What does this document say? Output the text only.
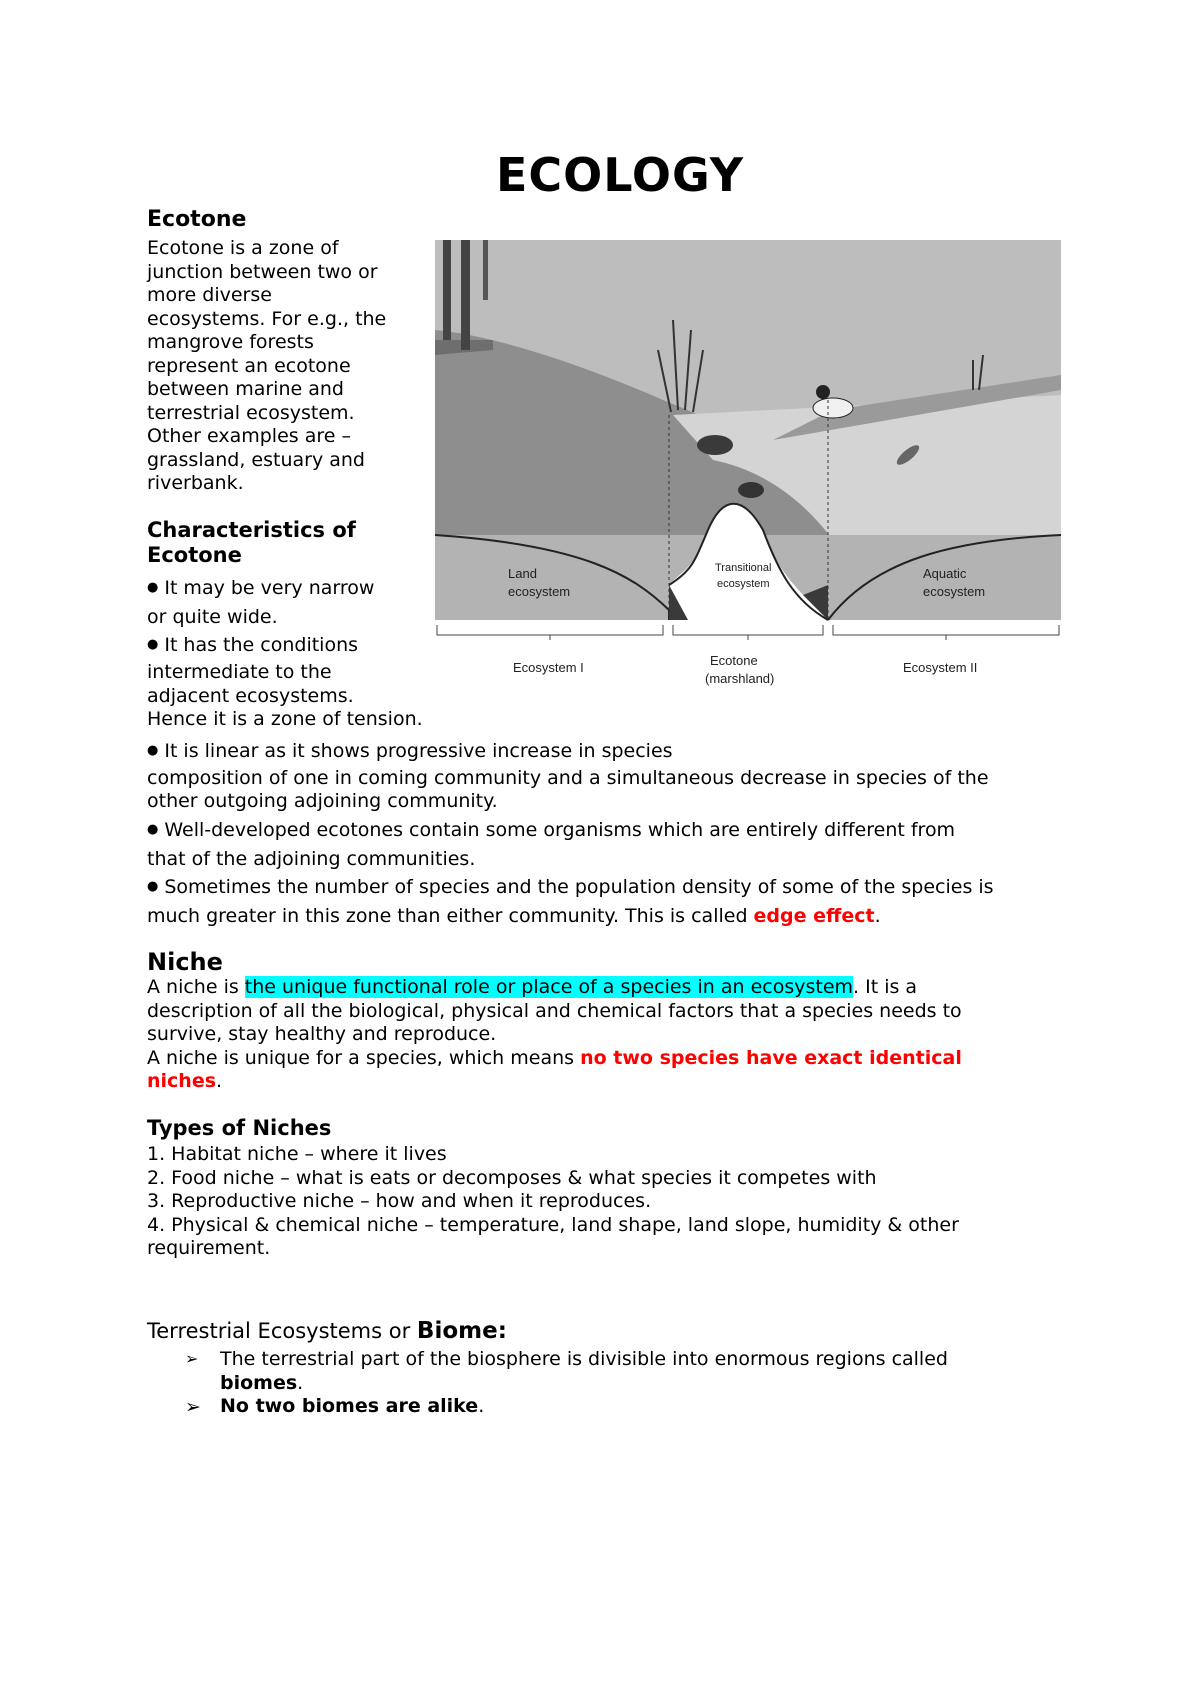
ECOLOGY
Ecotone
Ecotone is a zone of
junction between two or
more diverse
ecosystems. For e.g., the
mangrove forests
represent an ecotone
between marine and
terrestrial ecosystem.
Other examples are –
grassland, estuary and
riverbank.
Characteristics of
Ecotone
● It may be very narrow
or quite wide.
● It has the conditions
intermediate to the
adjacent ecosystems.
Hence it is a zone of tension.
● It is linear as it shows progressive increase in species
composition of one in coming community and a simultaneous decrease in species of the
other outgoing adjoining community.
● Well-developed ecotones contain some organisms which are entirely different from
that of the adjoining communities.
● Sometimes the number of species and the population density of some of the species is
much greater in this zone than either community. This is called edge effect.
Land
ecosystem
Transitional
ecosystem
Aquatic
ecosystem
Ecosystem I	Ecotone
(marshland)
Ecosystem II
Niche
A niche is the unique functional role or place of a species in an ecosystem. It is a
description of all the biological, physical and chemical factors that a species needs to
survive, stay healthy and reproduce.
A niche is unique for a species, which means no two species have exact identical
niches.
Types of Niches
1. Habitat niche – where it lives
2. Food niche – what is eats or decomposes & what species it competes with
3. Reproductive niche – how and when it reproduces.
4. Physical & chemical niche – temperature, land shape, land slope, humidity & other
requirement.
Terrestrial Ecosystems or Biome:
➢ The terrestrial part of the biosphere is divisible into enormous regions called
biomes.
➢ No two biomes are alike.
